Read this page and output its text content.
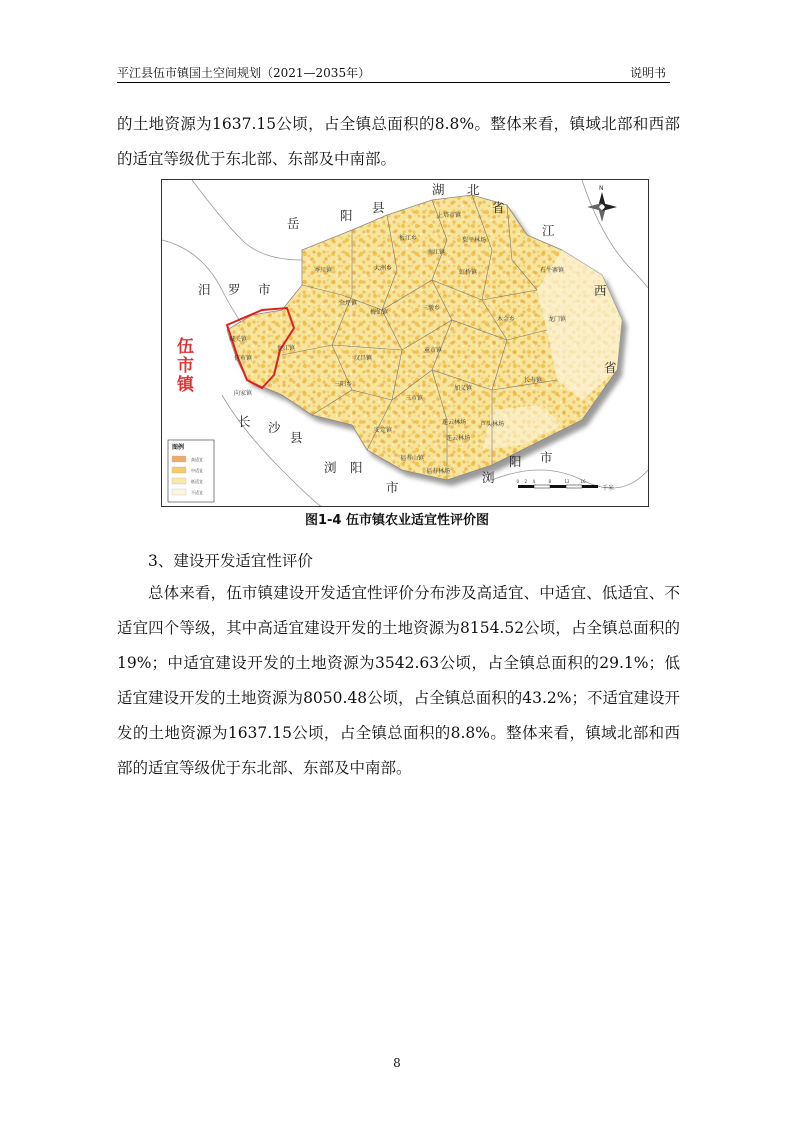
平江县伍市镇国土空间规划（2021—2035年）	说明书

的土地资源为1637.15公顷，占全镇总面积的8.8%。整体来看，镇域北部和西部的适宜等级优于东北部、东部及中南部。

N
岳
阳
县
湖 北
省
江
西
省
汨 罗 市
长 沙
县
浏 阳
市
浏
阳 市
伍 市 镇
上塔市镇
板江乡
南江镇
梨平林场
岑川镇	大洲乡
虹桥镇	石牛寨镇
余坪镇
梅仙镇
三墩乡
木金乡	龙门镇
城关镇
伍市镇
瓮江镇
汉昌镇
童市镇
加义镇
长寿镇
向家镇
三阳乡
三市镇
安定镇
连云林场 芦头林场
连云林场
福寿山镇
福寿林场
图例
高适宜
中适宜
低适宜
不适宜
0 2 4	8	12	16
千米
图1-4 伍市镇农业适宜性评价图

3、建设开发适宜性评价

总体来看，伍市镇建设开发适宜性评价分布涉及高适宜、中适宜、低适宜、不适宜四个等级，其中高适宜建设开发的土地资源为8154.52公顷，占全镇总面积的19%；中适宜建设开发的土地资源为3542.63公顷，占全镇总面积的29.1%；低适宜建设开发的土地资源为8050.48公顷，占全镇总面积的43.2%；不适宜建设开发的土地资源为1637.15公顷，占全镇总面积的8.8%。整体来看，镇域北部和西部的适宜等级优于东北部、东部及中南部。

8
